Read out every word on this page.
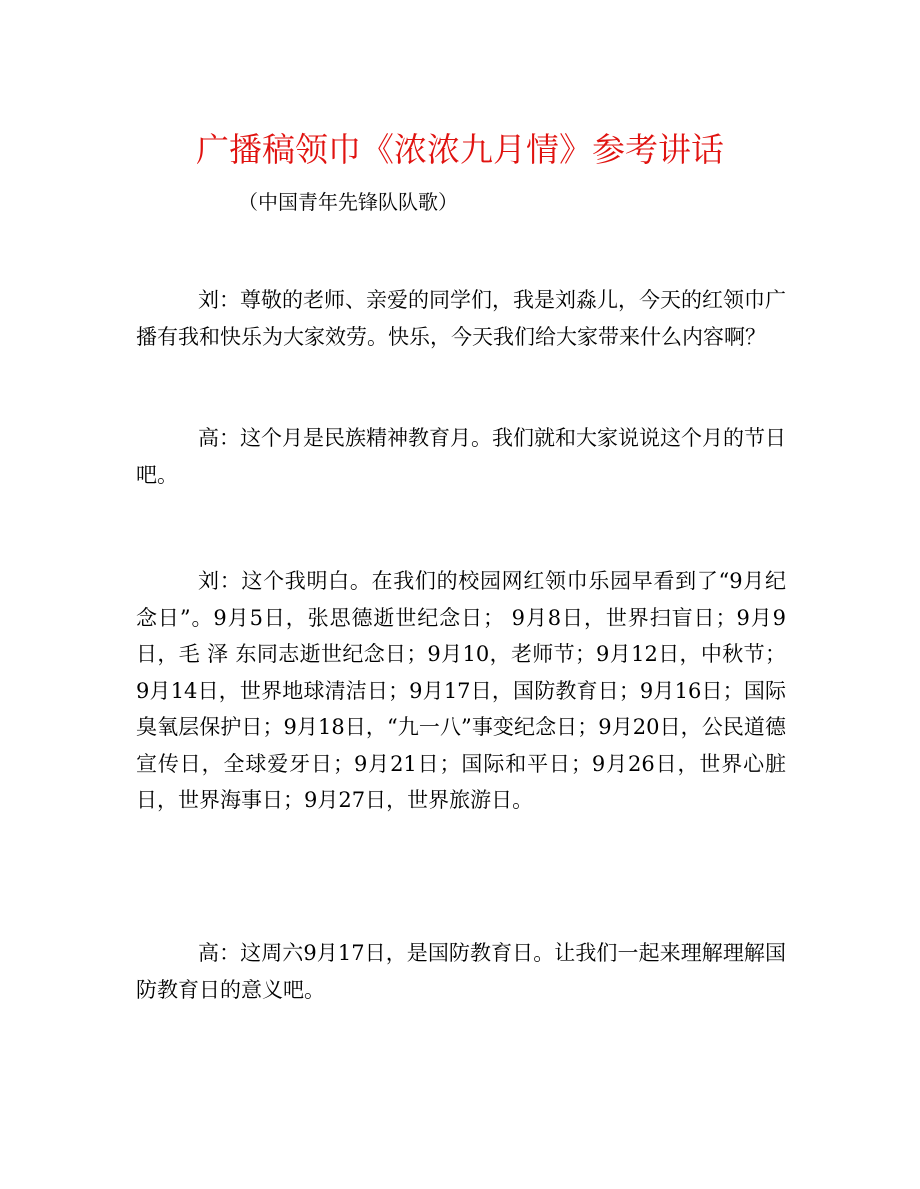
广播稿领巾《浓浓九月情》参考讲话
（中国青年先锋队队歌）

刘：尊敬的老师、亲爱的同学们，我是刘淼儿，今天的红领巾广播有我和快乐为大家效劳。快乐，今天我们给大家带来什么内容啊？

高：这个月是民族精神教育月。我们就和大家说说这个月的节日吧。

刘：这个我明白。在我们的校园网红领巾乐园早看到了“9月纪念日”。9月5日，张思德逝世纪念日； 9月8日，世界扫盲日；9月9日，毛 泽 东同志逝世纪念日；9月10，老师节；9月12日，中秋节；9月14日，世界地球清洁日；9月17日，国防教育日；9月16日；国际臭氧层保护日；9月18日，“九一八”事变纪念日；9月20日，公民道德宣传日，全球爱牙日；9月21日；国际和平日；9月26日，世界心脏日，世界海事日；9月27日，世界旅游日。

高：这周六9月17日，是国防教育日。让我们一起来理解理解国防教育日的意义吧。
